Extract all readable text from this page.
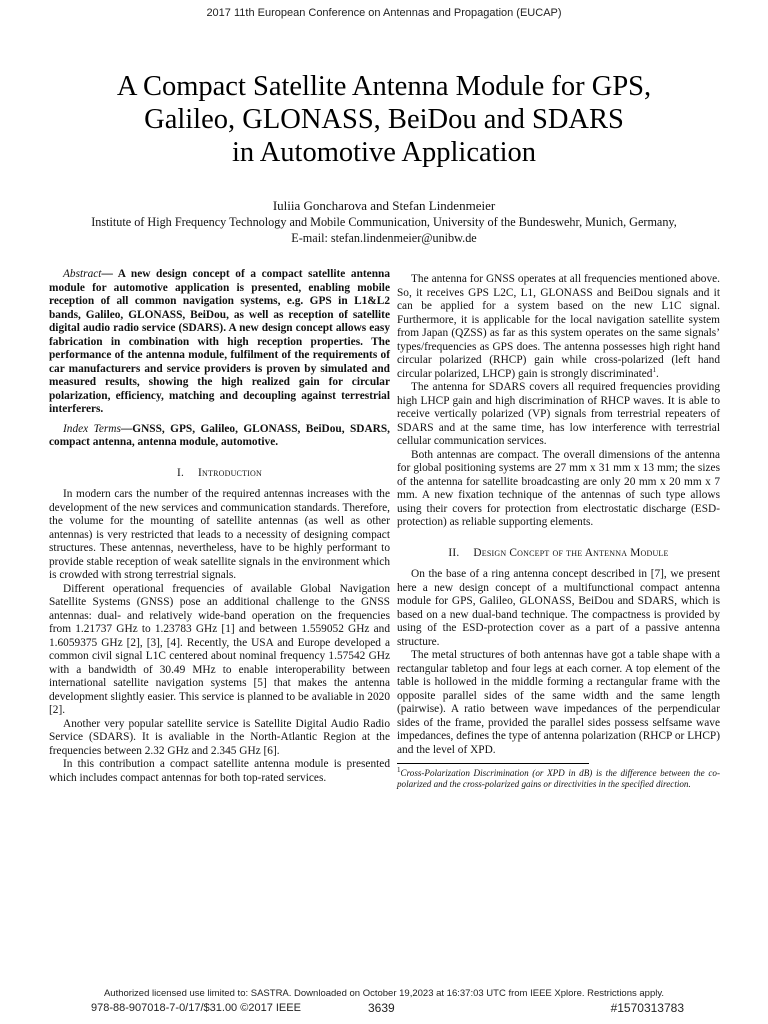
2017 11th European Conference on Antennas and Propagation (EUCAP)
A Compact Satellite Antenna Module for GPS,
Galileo, GLONASS, BeiDou and SDARS
in Automotive Application
Iuliia Goncharova and Stefan Lindenmeier
Institute of High Frequency Technology and Mobile Communication, University of the Bundeswehr, Munich, Germany,
E-mail: stefan.lindenmeier@unibw.de

Abstract— A new design concept of a compact satellite antenna module for automotive application is presented, enabling mobile reception of all common navigation systems, e.g. GPS in L1&L2 bands, Galileo, GLONASS, BeiDou, as well as reception of satellite digital audio radio service (SDARS). A new design concept allows easy fabrication in combination with high reception properties. The performance of the antenna module, fulfilment of the requirements of car manufacturers and service providers is proven by simulated and measured results, showing the high realized gain for circular polarization, efficiency, matching and decoupling against terrestrial interferers.

Index Terms—GNSS, GPS, Galileo, GLONASS, BeiDou, SDARS, compact antenna, antenna module, automotive.

I. Introduction

In modern cars the number of the required antennas increases with the development of the new services and communication standards. Therefore, the volume for the mounting of satellite antennas (as well as other antennas) is very restricted that leads to a necessity of designing compact structures. These antennas, nevertheless, have to be highly performant to provide stable reception of weak satellite signals in the environment which is crowded with strong terrestrial signals.

Different operational frequencies of available Global Navigation Satellite Systems (GNSS) pose an additional challenge to the GNSS antennas: dual- and relatively wide-band operation on the frequencies from 1.21737 GHz to 1.23783 GHz [1] and between 1.559052 GHz and 1.6059375 GHz [2], [3], [4]. Recently, the USA and Europe developed a common civil signal L1C centered about nominal frequency 1.57542 GHz with a bandwidth of 30.49 MHz to enable interoperability between international satellite navigation systems [5] that makes the antenna development slightly easier. This service is planned to be avaliable in 2020 [2].

Another very popular satellite service is Satellite Digital Audio Radio Service (SDARS). It is avaliable in the North-Atlantic Region at the frequencies between 2.32 GHz and 2.345 GHz [6].

In this contribution a compact satellite antenna module is presented which includes compact antennas for both top-rated services.

The antenna for GNSS operates at all frequencies mentioned above. So, it receives GPS L2C, L1, GLONASS and BeiDou signals and it can be applied for a system based on the new L1C signal. Furthermore, it is applicable for the local navigation satellite system from Japan (QZSS) as far as this system operates on the same signals’ types/frequencies as GPS does. The antenna possesses high right hand circular polarized (RHCP) gain while cross-polarized (left hand circular polarized, LHCP) gain is strongly discriminated$^1$.

The antenna for SDARS covers all required frequencies providing high LHCP gain and high discrimination of RHCP waves. It is able to receive vertically polarized (VP) signals from terrestrial repeaters of SDARS and at the same time, has low interference with terrestrial cellular communication services.

Both antennas are compact. The overall dimensions of the antenna for global positioning systems are 27 mm x 31 mm x 13 mm; the sizes of the antenna for satellite broadcasting are only 20 mm x 20 mm x 7 mm. A new fixation technique of the antennas of such type allows using their covers for protection from electrostatic discharge (ESD-protection) as reliable supporting elements.

II. Design Concept of the Antenna Module

On the base of a ring antenna concept described in [7], we present here a new design concept of a multifunctional compact antenna module for GPS, Galileo, GLONASS, BeiDou and SDARS, which is based on a new dual-band technique. The compactness is provided by using of the ESD-protection cover as a part of a passive antenna structure.

The metal structures of both antennas have got a table shape with a rectangular tabletop and four legs at each corner. A top element of the table is hollowed in the middle forming a rectangular frame with the opposite parallel sides of the same width and the same length (pairwise). A ratio between wave impedances of the perpendicular sides of the frame, provided the parallel sides possess selfsame wave impedances, defines the type of antenna polarization (RHCP or LHCP) and the level of XPD.

$^1$Cross-Polarization Discrimination (or XPD in dB) is the difference between the co-polarized and the cross-polarized gains or directivities in the specified direction.
Authorized licensed use limited to: SASTRA. Downloaded on October 19,2023 at 16:37:03 UTC from IEEE Xplore. Restrictions apply.
978-88-907018-7-0/17/$31.00 ©2017 IEEE	3639	#1570313783
